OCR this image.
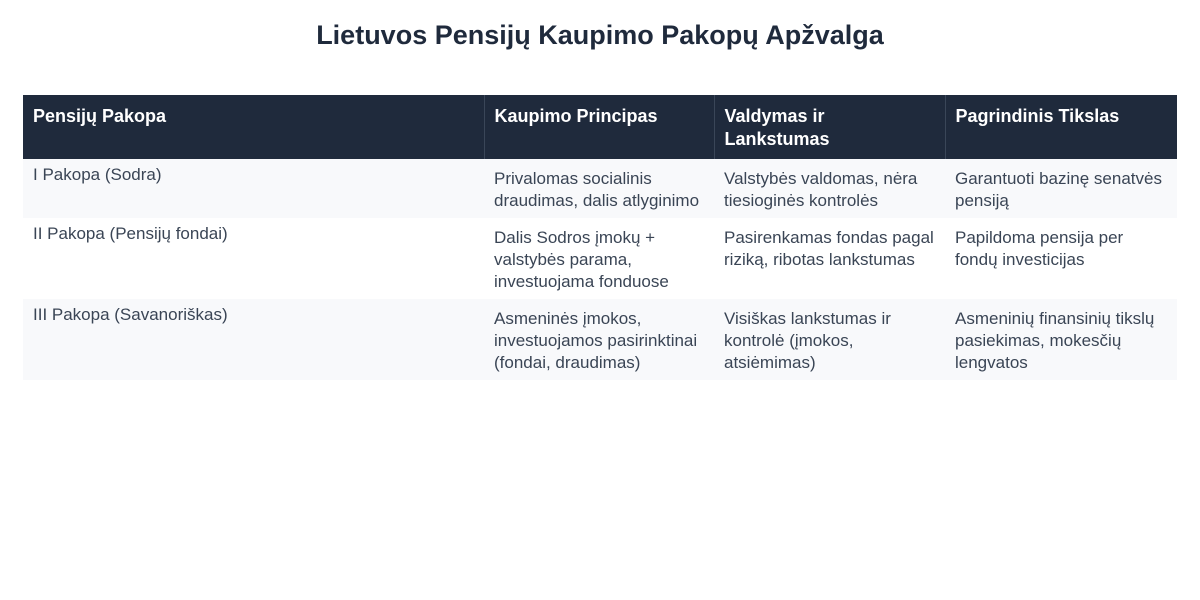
Lietuvos Pensijų Kaupimo Pakopų Apžvalga
Pensijų Pakopa	Kaupimo Principas	Valdymas ir Lankstumas	Pagrindinis Tikslas
I Pakopa (Sodra)	Privalomas socialinis draudimas, dalis atlyginimo	Valstybės valdomas, nėra tiesioginės kontrolės	Garantuoti bazinę senatvės pensiją
II Pakopa (Pensijų fondai)	Dalis Sodros įmokų + valstybės parama, investuojama fonduose	Pasirenkamas fondas pagal riziką, ribotas lankstumas	Papildoma pensija per fondų investicijas
III Pakopa (Savanoriškas)	Asmeninės įmokos, investuojamos pasirinktinai (fondai, draudimas)	Visiškas lankstumas ir kontrolė (įmokos, atsiėmimas)	Asmeninių finansinių tikslų pasiekimas, mokesčių lengvatos
